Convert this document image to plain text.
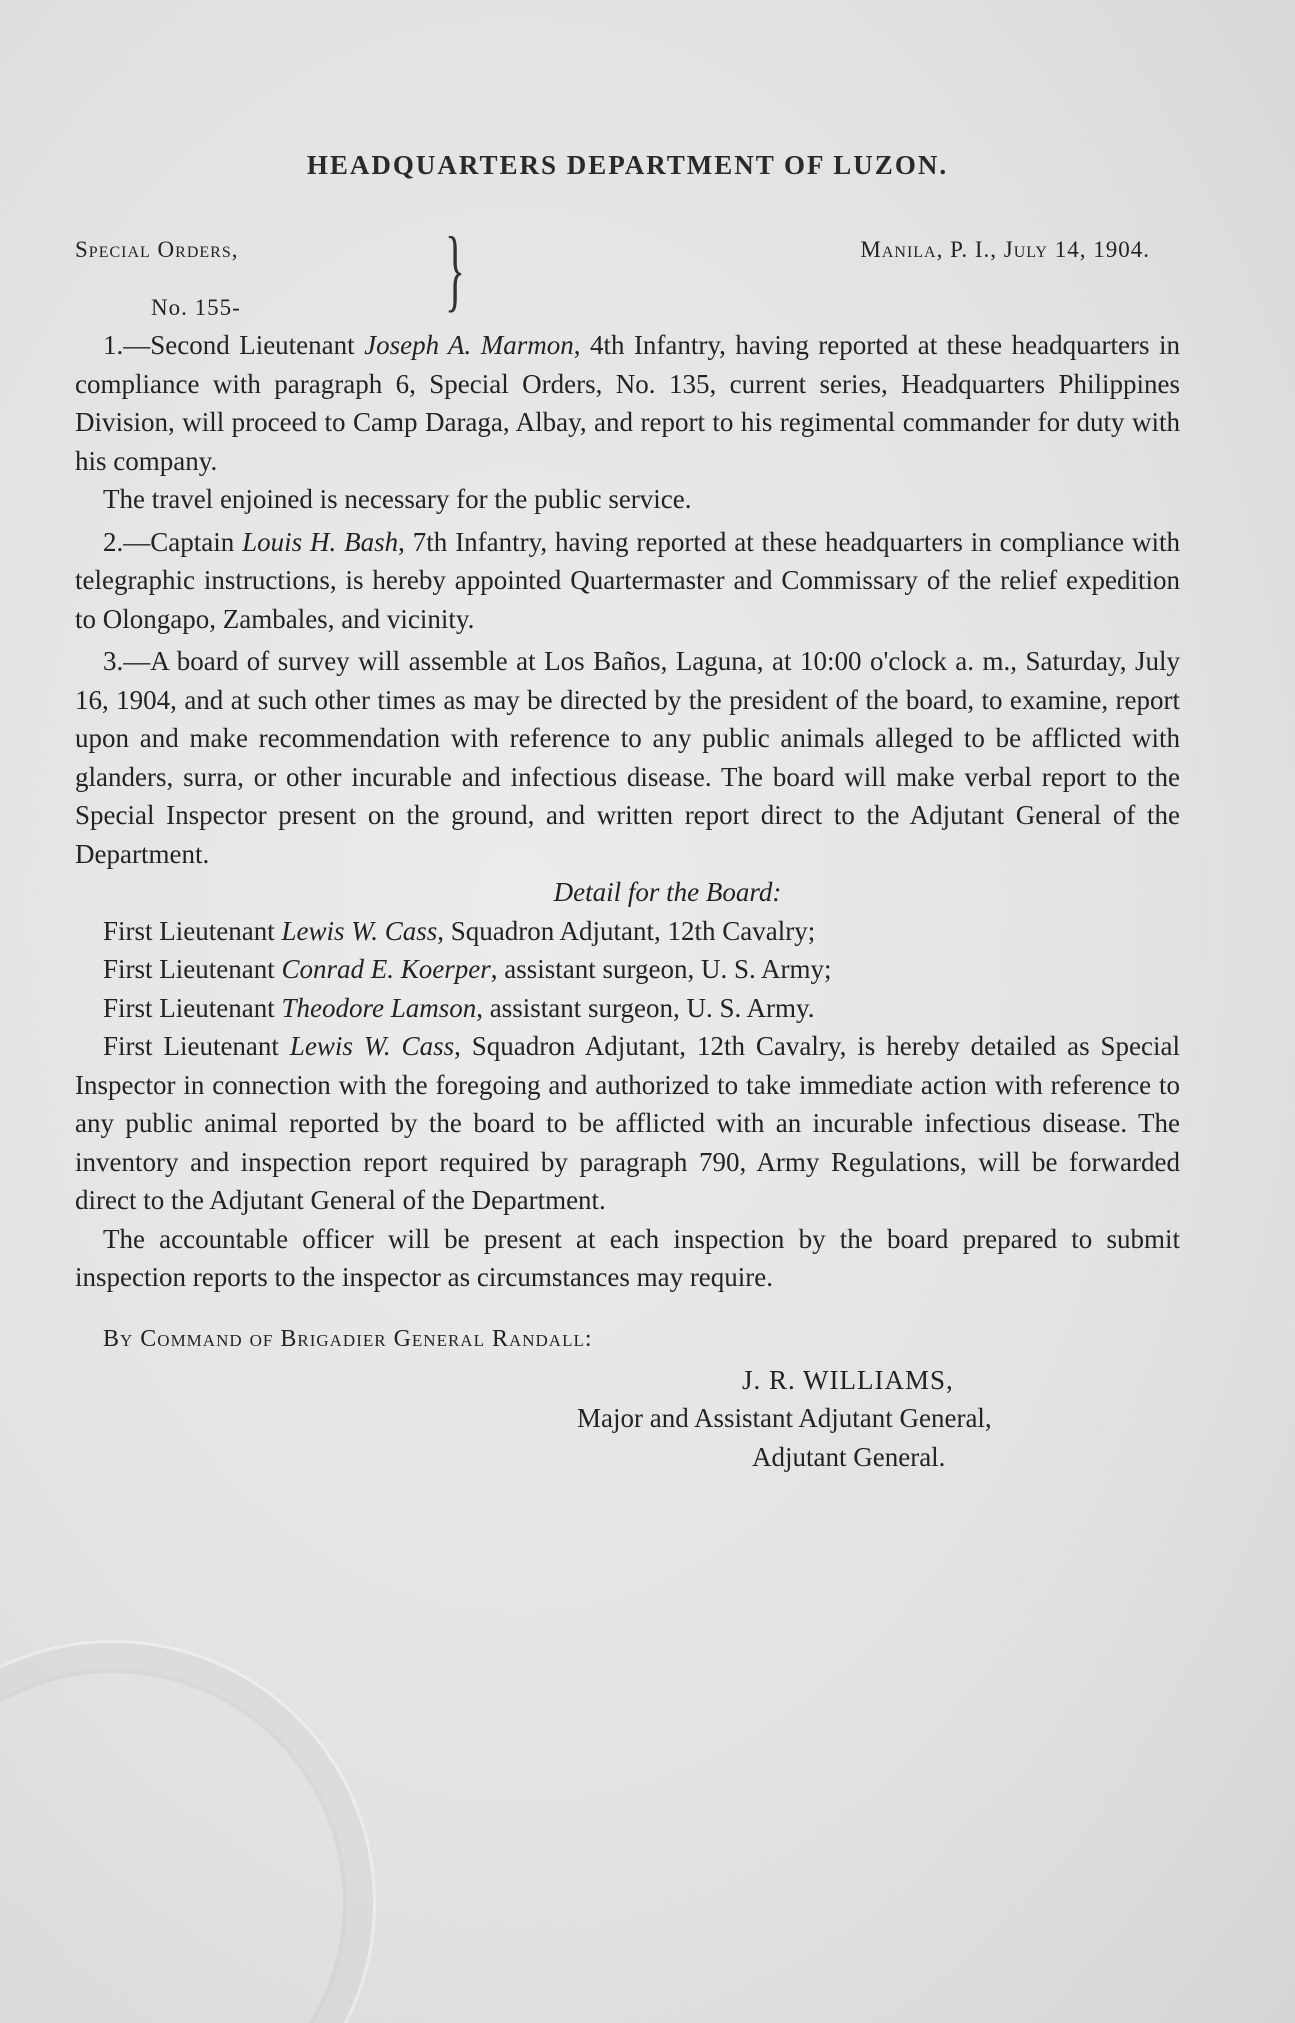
HEADQUARTERS DEPARTMENT OF LUZON.
Special Orders,
No. 155- }	Manila, P. I., July 14, 1904.

1.—Second Lieutenant Joseph A. Marmon, 4th Infantry, having reported at these headquarters in compliance with paragraph 6, Special Orders, No. 135, current series, Headquarters Philippines Division, will proceed to Camp Daraga, Albay, and report to his regimental commander for duty with his company.

The travel enjoined is necessary for the public service.

2.—Captain Louis H. Bash, 7th Infantry, having reported at these headquarters in compliance with telegraphic instructions, is hereby appointed Quartermaster and Commissary of the relief expedition to Olongapo, Zambales, and vicinity.

3.—A board of survey will assemble at Los Baños, Laguna, at 10:00 o'clock a. m., Saturday, July 16, 1904, and at such other times as may be directed by the president of the board, to examine, report upon and make recommendation with reference to any public animals alleged to be afflicted with glanders, surra, or other incurable and infectious disease. The board will make verbal report to the Special Inspector present on the ground, and written report direct to the Adjutant General of the Department.

Detail for the Board:
First Lieutenant Lewis W. Cass, Squadron Adjutant, 12th Cavalry;
First Lieutenant Conrad E. Koerper, assistant surgeon, U. S. Army;
First Lieutenant Theodore Lamson, assistant surgeon, U. S. Army.
First Lieutenant Lewis W. Cass, Squadron Adjutant, 12th Cavalry, is hereby detailed as Special Inspector in connection with the foregoing and authorized to take immediate action with reference to any public animal reported by the board to be afflicted with an incurable infectious disease. The inventory and inspection report required by paragraph 790, Army Regulations, will be forwarded direct to the Adjutant General of the Department.

The accountable officer will be present at each inspection by the board prepared to submit inspection reports to the inspector as circumstances may require.

By Command of Brigadier General Randall:
J. R. WILLIAMS,
Major and Assistant Adjutant General,
Adjutant General.
